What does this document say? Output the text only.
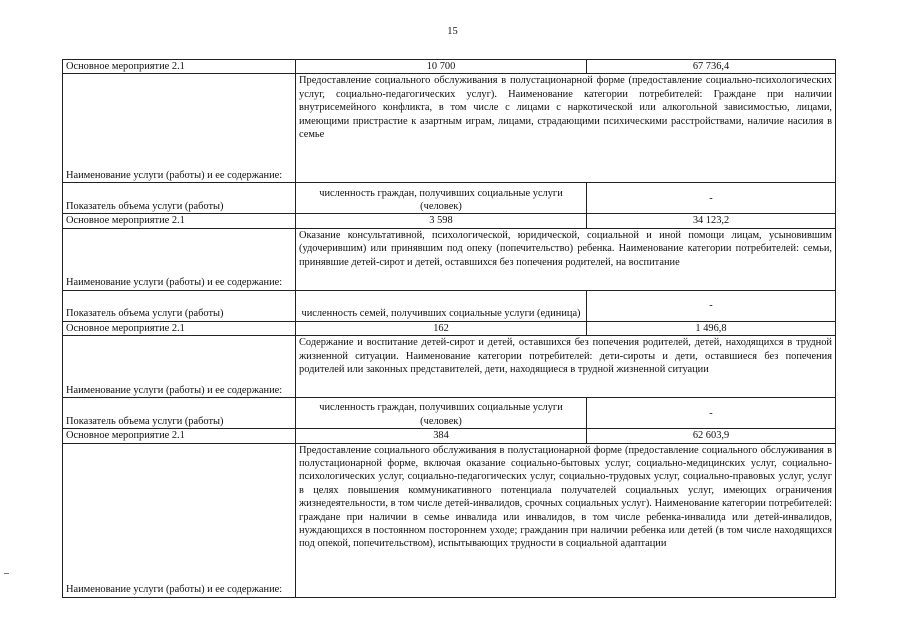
15
Основное мероприятие 2.1	10 700	67 736,4
Наименование услуги (работы) и ее содержание:	Предоставление социального обслуживания в полустационарной форме (предоставление социально-психологических услуг, социально-педагогических услуг). Наименование категории потребителей: Граждане при наличии внутрисемейного конфликта, в том числе с лицами с наркотической или алкогольной зависимостью, лицами, имеющими пристрастие к азартным играм, лицами, страдающими психическими расстройствами, наличие насилия в семье	
Показатель объема услуги (работы)	численность граждан, получивших социальные услуги (человек)	-
Основное мероприятие 2.1	3 598	34 123,2
Наименование услуги (работы) и ее содержание:	Оказание консультативной, психологической, юридической, социальной и иной помощи лицам, усыновившим (удочерившим) или принявшим под опеку (попечительство) ребенка. Наименование категории потребителей: семьи, принявшие детей-сирот и детей, оставшихся без попечения родителей, на воспитание	
Показатель объема услуги (работы)	численность семей, получивших социальные услуги (единица)	-
Основное мероприятие 2.1	162	1 496,8
Наименование услуги (работы) и ее содержание:	Содержание и воспитание детей-сирот и детей, оставшихся без попечения родителей, детей, находящихся в трудной жизненной ситуации. Наименование категории потребителей: дети-сироты и дети, оставшиеся без попечения родителей или законных представителей, дети, находящиеся в трудной жизненной ситуации	
Показатель объема услуги (работы)	численность граждан, получивших социальные услуги (человек)	-
Основное мероприятие 2.1	384	62 603,9
Наименование услуги (работы) и ее содержание:	Предоставление социального обслуживания в полустационарной форме (предоставление социального обслуживания в полустационарной форме, включая оказание социально-бытовых услуг, социально-медицинских услуг, социально-психологических услуг, социально-педагогических услуг, социально-трудовых услуг, социально-правовых услуг, услуг в целях повышения коммуникативного потенциала получателей социальных услуг, имеющих ограничения жизнедеятельности, в том числе детей-инвалидов, срочных социальных услуг). Наименование категории потребителей: граждане при наличии в семье инвалида или инвалидов, в том числе ребенка-инвалида или детей-инвалидов, нуждающихся в постоянном постороннем уходе; гражданин при наличии ребенка или детей (в том числе находящихся под опекой, попечительством), испытывающих трудности в социальной адаптации	
